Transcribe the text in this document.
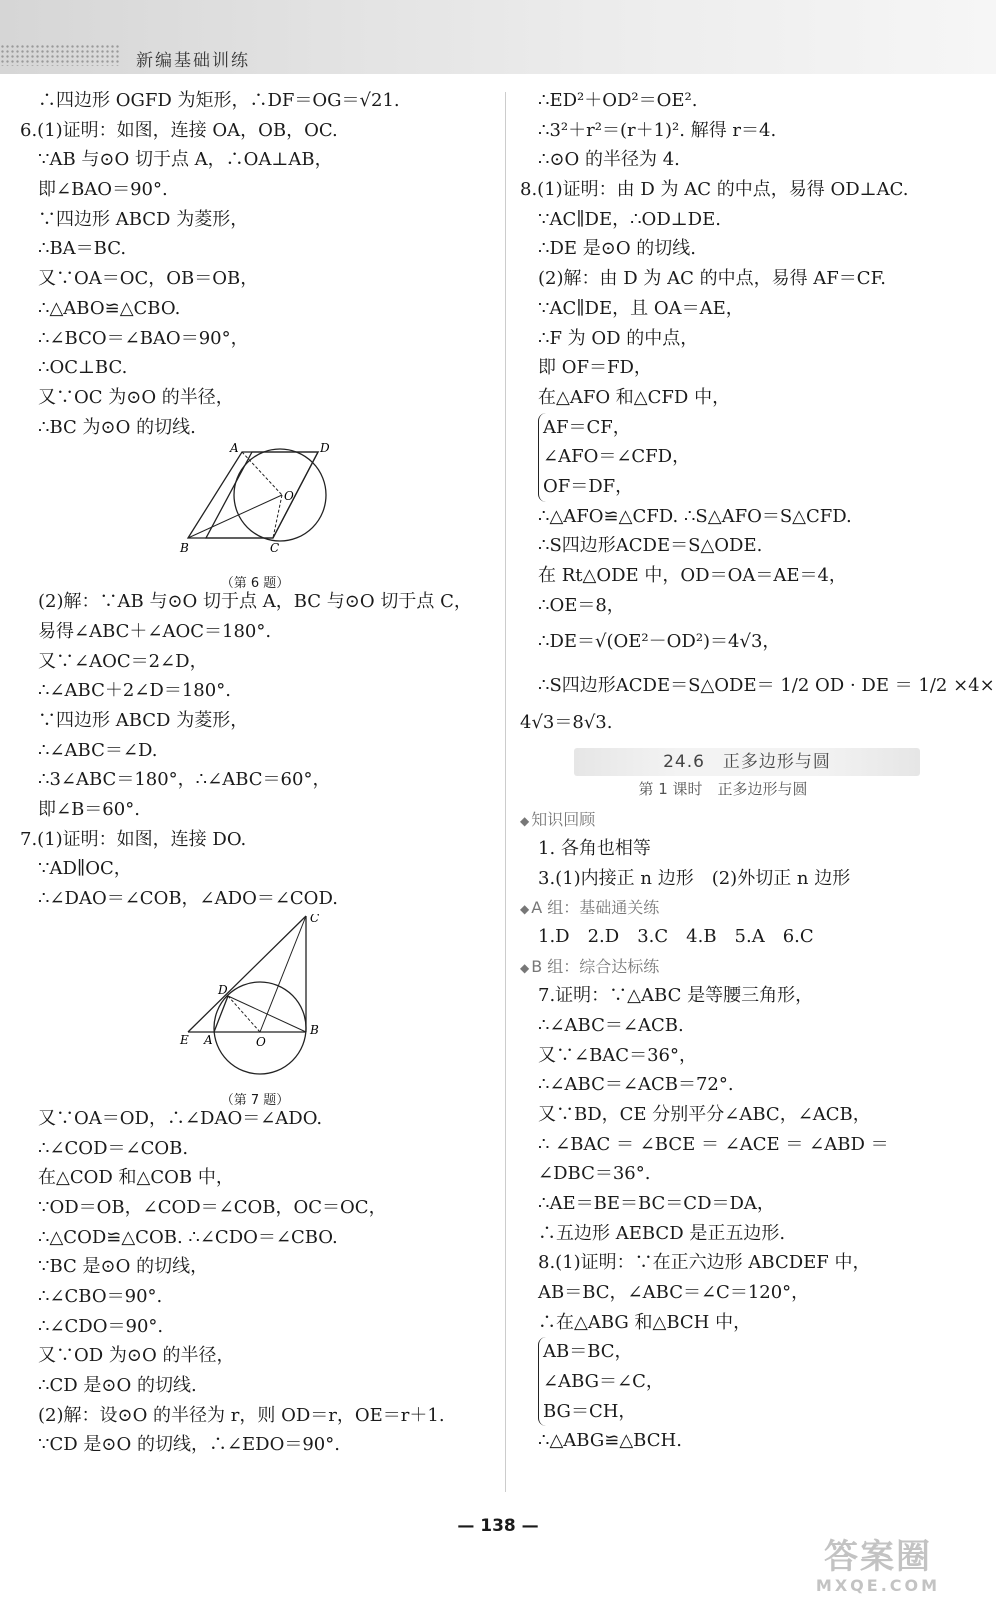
新编基础训练
∴四边形 OGFD 为矩形，∴DF＝OG＝√21.
6.(1)证明：如图，连接 OA，OB，OC.
∵AB 与⊙O 切于点 A，∴OA⊥AB，
即∠BAO＝90°.
∵四边形 ABCD 为菱形，
∴BA＝BC.
又∵OA＝OC，OB＝OB，
∴△ABO≌△CBO.
∴∠BCO＝∠BAO＝90°，
∴OC⊥BC.
又∵OC 为⊙O 的半径，
∴BC 为⊙O 的切线.
A	D
O
B	C
（第 6 题）
(2)解：∵AB 与⊙O 切于点 A，BC 与⊙O 切于点 C，
易得∠ABC＋∠AOC＝180°.
又∵∠AOC＝2∠D，
∴∠ABC＋2∠D＝180°.
∵四边形 ABCD 为菱形，
∴∠ABC＝∠D.
∴3∠ABC＝180°，∴∠ABC＝60°，
即∠B＝60°.
7.(1)证明：如图，连接 DO.
∵AD∥OC，
∴∠DAO＝∠COB，∠ADO＝∠COD.
C
D
E A	O
B
（第 7 题）
又∵OA＝OD，∴∠DAO＝∠ADO.
∴∠COD＝∠COB.
在△COD 和△COB 中，
∵OD＝OB，∠COD＝∠COB，OC＝OC，
∴△COD≌△COB. ∴∠CDO＝∠CBO.
∵BC 是⊙O 的切线，
∴∠CBO＝90°.
∴∠CDO＝90°.
又∵OD 为⊙O 的半径，
∴CD 是⊙O 的切线.
(2)解：设⊙O 的半径为 r，则 OD＝r，OE＝r＋1.
∵CD 是⊙O 的切线，∴∠EDO＝90°.
∴ED²＋OD²＝OE².
∴3²＋r²＝(r＋1)². 解得 r＝4.
∴⊙O 的半径为 4.
8.(1)证明：由 D 为 AC 的中点，易得 OD⊥AC.
∵AC∥DE，∴OD⊥DE.
∴DE 是⊙O 的切线.
(2)解：由 D 为 AC 的中点，易得 AF＝CF.
∵AC∥DE，且 OA＝AE，
∴F 为 OD 的中点，
即 OF＝FD，
在△AFO 和△CFD 中，
AF＝CF，
∠AFO＝∠CFD，
OF＝DF，
∴△AFO≌△CFD. ∴S△AFO＝S△CFD.
∴S四边形ACDE＝S△ODE.
在 Rt△ODE 中，OD＝OA＝AE＝4，
∴OE＝8，
∴DE＝√(OE²－OD²)＝4√3，
∴S四边形ACDE＝S△ODE＝ 1/2 OD · DE ＝ 1/2 ×4×
4√3＝8√3.
24.6　正多边形与圆
第 1 课时　正多边形与圆
◆ 知识回顾
1. 各角也相等
3.(1)内接正 n 边形　(2)外切正 n 边形
◆ A 组：基础通关练
1.D　2.D　3.C　4.B　5.A　6.C
◆ B 组：综合达标练
7.证明：∵△ABC 是等腰三角形，
∴∠ABC＝∠ACB.
又∵∠BAC＝36°，
∴∠ABC＝∠ACB＝72°.
又∵BD，CE 分别平分∠ABC，∠ACB，
∴ ∠BAC ＝ ∠BCE ＝ ∠ACE ＝ ∠ABD ＝
∠DBC＝36°.
∴AE＝BE＝BC＝CD＝DA，
∴五边形 AEBCD 是正五边形.
8.(1)证明：∵在正六边形 ABCDEF 中，
AB＝BC，∠ABC＝∠C＝120°，
∴在△ABG 和△BCH 中，
AB＝BC，
∠ABG＝∠C，
BG＝CH，
∴△ABG≌△BCH.
— 138 —
答案圈
MXQE.COM
